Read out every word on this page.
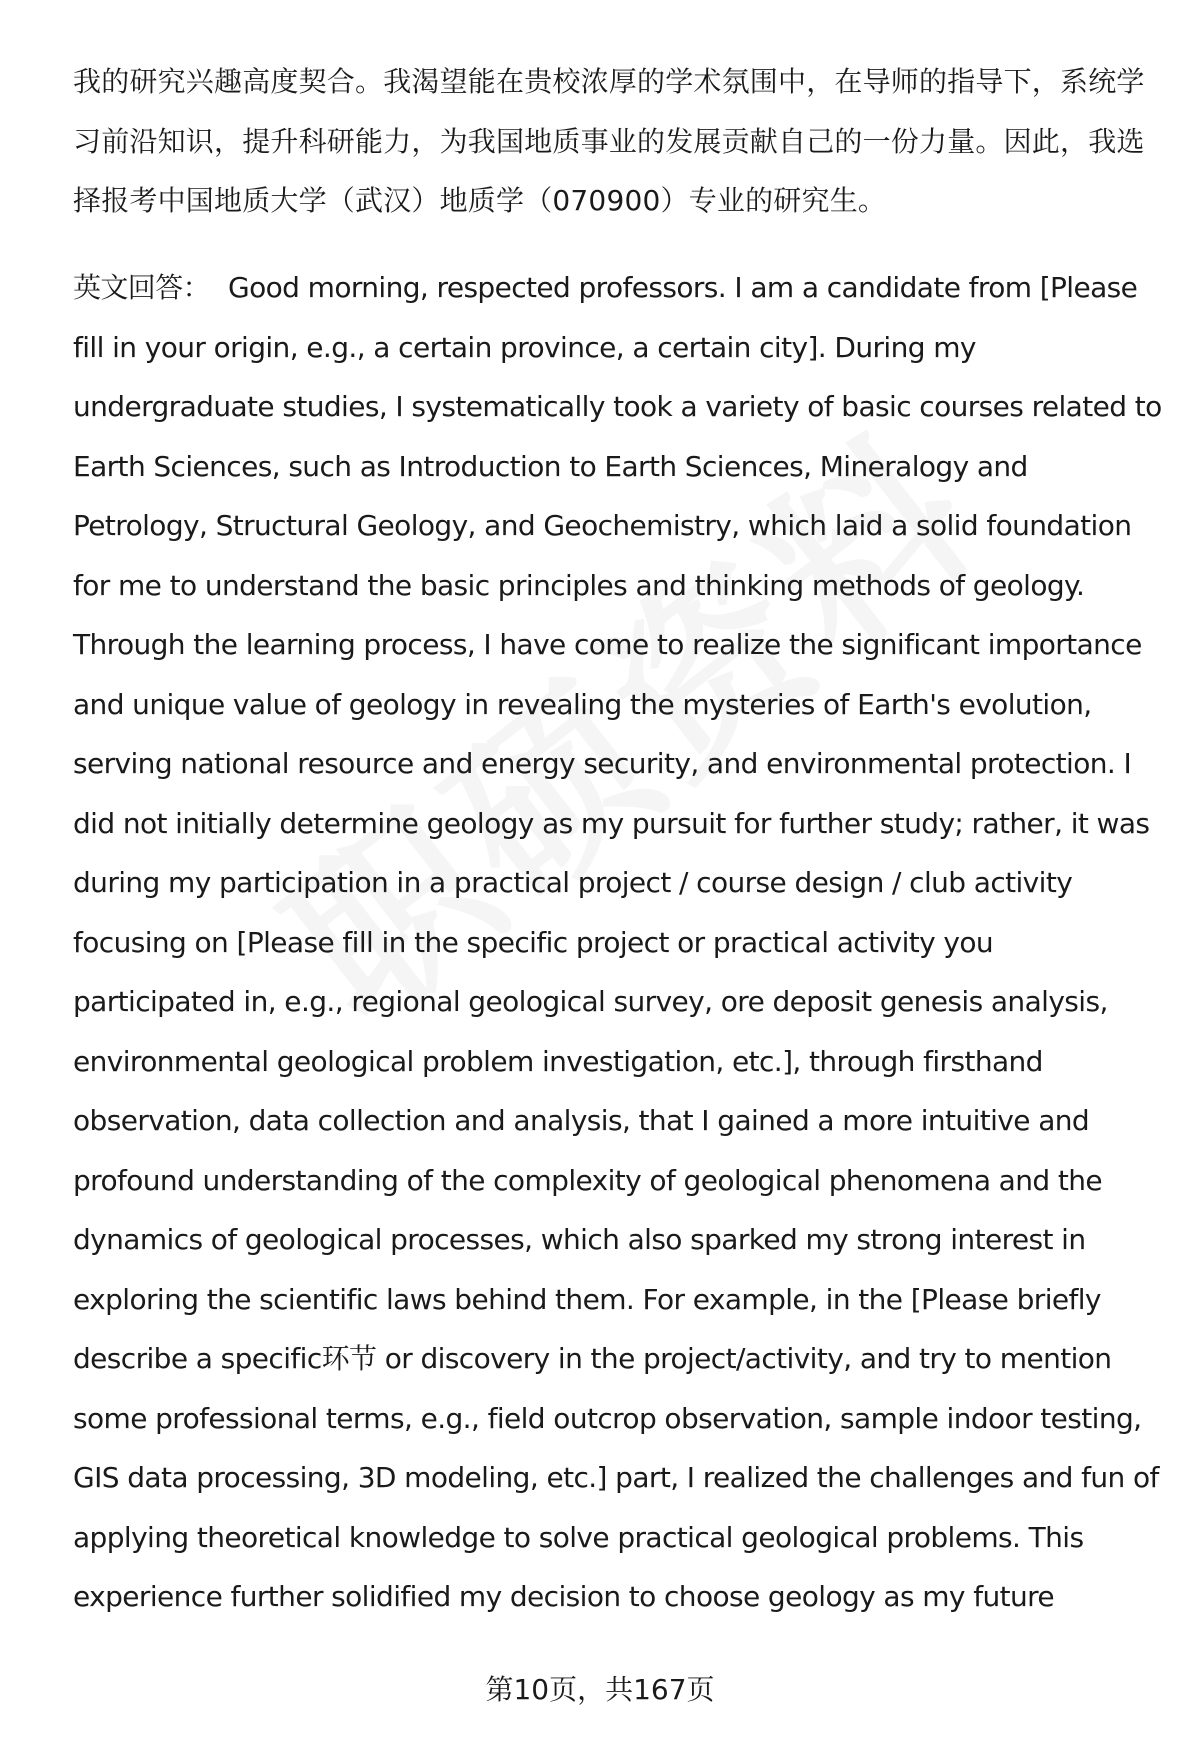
我的研究兴趣高度契合。我渴望能在贵校浓厚的学术氛围中，在导师的指导下，系统学习前沿知识，提升科研能力，为我国地质事业的发展贡献自己的一份力量。因此，我选择报考中国地质大学（武汉）地质学（070900）专业的研究生。

英文回答： Good morning, respected professors. I am a candidate from [Please fill in your origin, e.g., a certain province, a certain city]. During my undergraduate studies, I systematically took a variety of basic courses related to Earth Sciences, such as Introduction to Earth Sciences, Mineralogy and Petrology, Structural Geology, and Geochemistry, which laid a solid foundation for me to understand the basic principles and thinking methods of geology. Through the learning process, I have come to realize the significant importance and unique value of geology in revealing the mysteries of Earth's evolution, serving national resource and energy security, and environmental protection. I did not initially determine geology as my pursuit for further study; rather, it was during my participation in a practical project / course design / club activity focusing on [Please fill in the specific project or practical activity you participated in, e.g., regional geological survey, ore deposit genesis analysis, environmental geological problem investigation, etc.], through firsthand observation, data collection and analysis, that I gained a more intuitive and profound understanding of the complexity of geological phenomena and the dynamics of geological processes, which also sparked my strong interest in exploring the scientific laws behind them. For example, in the [Please briefly describe a specific环节 or discovery in the project/activity, and try to mention some professional terms, e.g., field outcrop observation, sample indoor testing, GIS data processing, 3D modeling, etc.] part, I realized the challenges and fun of applying theoretical knowledge to solve practical geological problems. This experience further solidified my decision to choose geology as my future

第10页，共167页
